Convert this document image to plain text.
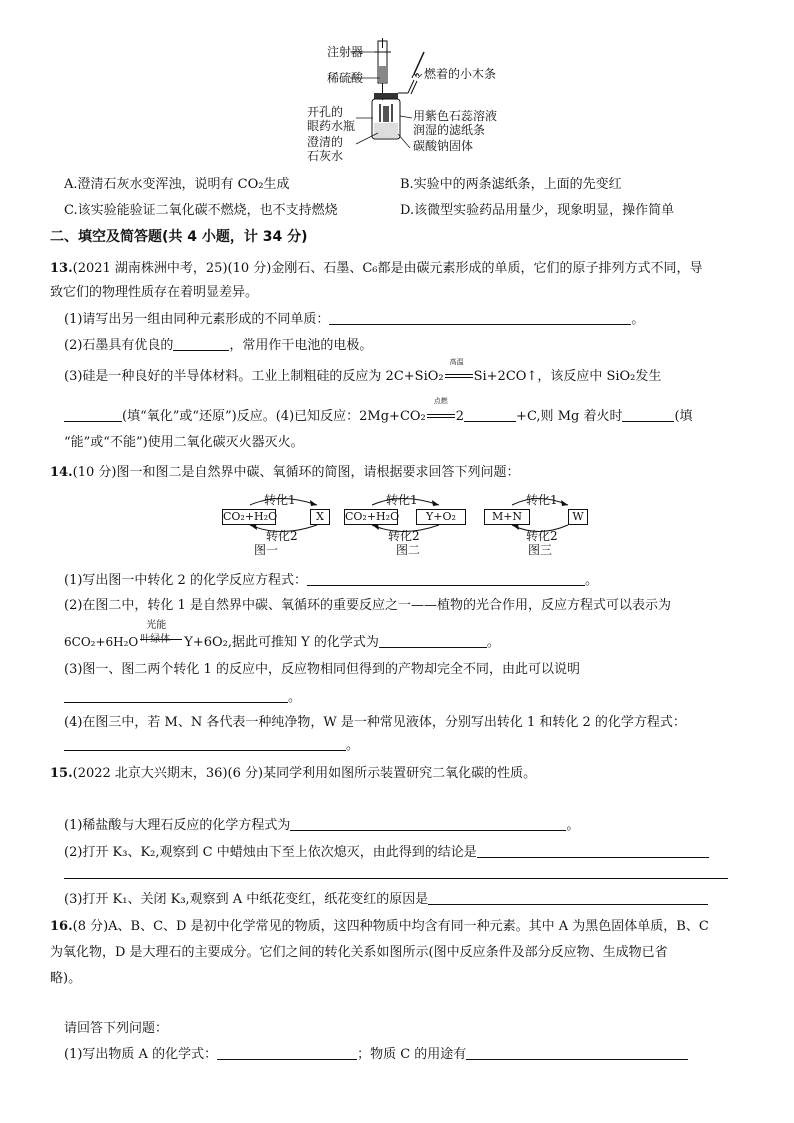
注射器
稀硫酸	燃着的小木条
开孔的
眼药水瓶
澄清的
石灰水
用紫色石蕊溶液
润湿的滤纸条
碳酸钠固体
A.澄清石灰水变浑浊，说明有 CO₂生成	B.实验中的两条滤纸条，上面的先变红
C.该实验能验证二氧化碳不燃烧，也不支持燃烧	D.该微型实验药品用量少，现象明显，操作简单
二、填空及简答题(共 4 小题，计 34 分)
13.(2021 湖南株洲中考，25)(10 分)金刚石、石墨、C₆都是由碳元素形成的单质，它们的原子排列方式不同，导
致它们的物理性质存在着明显差异。
(1)请写出另一组由同种元素形成的不同单质：	。
(2)石墨具有优良的	，常用作干电池的电极。
(3)硅是一种良好的半导体材料。工业上制粗硅的反应为 2C+SiO₂
高温
Si+2CO↑，该反应中 SiO₂发生
(填“氧化”或“还原”)反应。(4)已知反应：2Mg+CO₂
点燃
2	+C,则 Mg 着火时	(填
“能”或“不能”)使用二氧化碳灭火器灭火。
14.(10 分)图一和图二是自然界中碳、氧循环的简图，请根据要求回答下列问题：
CO₂+H₂O	X
转化1
转化2
图一
CO₂+H₂O	Y+O₂
转化1
转化2
图二
M+N	W
转化1
转化2
图三
(1)写出图一中转化 2 的化学反应方程式：	。
(2)在图二中，转化 1 是自然界中碳、氧循环的重要反应之一——植物的光合作用，反应方程式可以表示为
6CO₂+6H₂O
光能
叶绿体 Y+6O₂,据此可推知 Y 的化学式为	。
(3)图一、图二两个转化 1 的反应中，反应物相同但得到的产物却完全不同，由此可以说明
。
(4)在图三中，若 M、N 各代表一种纯净物，W 是一种常见液体，分别写出转化 1 和转化 2 的化学方程式：
。
15.(2022 北京大兴期末，36)(6 分)某同学利用如图所示装置研究二氧化碳的性质。
(1)稀盐酸与大理石反应的化学方程式为	。
(2)打开 K₃、K₂,观察到 C 中蜡烛由下至上依次熄灭，由此得到的结论是
(3)打开 K₁、关闭 K₃,观察到 A 中纸花变红，纸花变红的原因是
16.(8 分)A、B、C、D 是初中化学常见的物质，这四种物质中均含有同一种元素。其中 A 为黑色固体单质，B、C
为氧化物，D 是大理石的主要成分。它们之间的转化关系如图所示(图中反应条件及部分反应物、生成物已省
略)。
请回答下列问题：
(1)写出物质 A 的化学式：	；物质 C 的用途有
